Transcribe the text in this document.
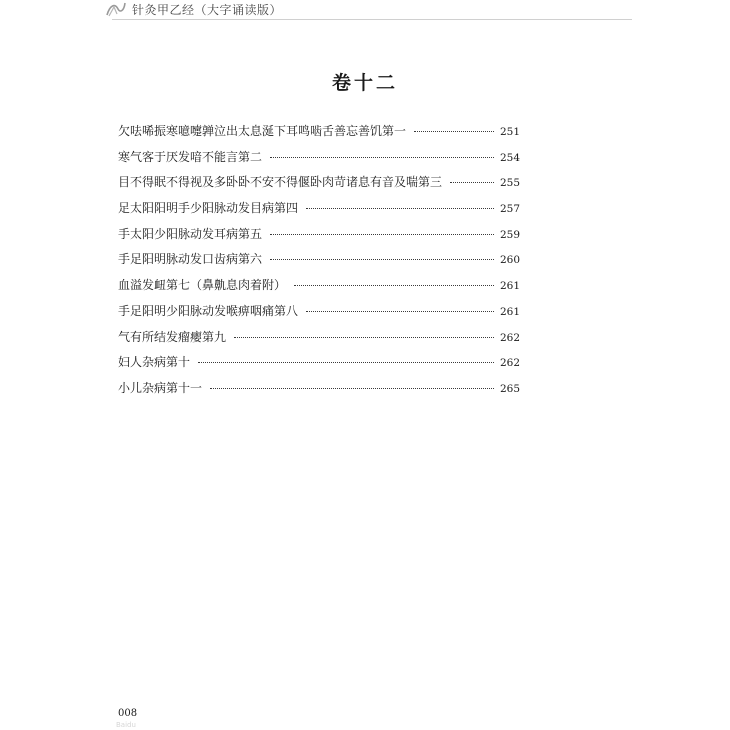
针灸甲乙经（大字诵读版）
卷十二
欠呿唏振寒噫嚏亸泣出太息涎下耳鸣啮舌善忘善饥第一	251
寒气客于厌发喑不能言第二	254
目不得眠不得视及多卧卧不安不得偃卧肉苛诸息有音及喘第三	255
足太阳阳明手少阳脉动发目病第四	257
手太阳少阳脉动发耳病第五	259
手足阳明脉动发口齿病第六	260
血溢发衄第七（鼻鼽息肉着附）	261
手足阳明少阳脉动发喉痹咽痛第八	261
气有所结发瘤瘿第九	262
妇人杂病第十	262
小儿杂病第十一	265
008
Baidu
